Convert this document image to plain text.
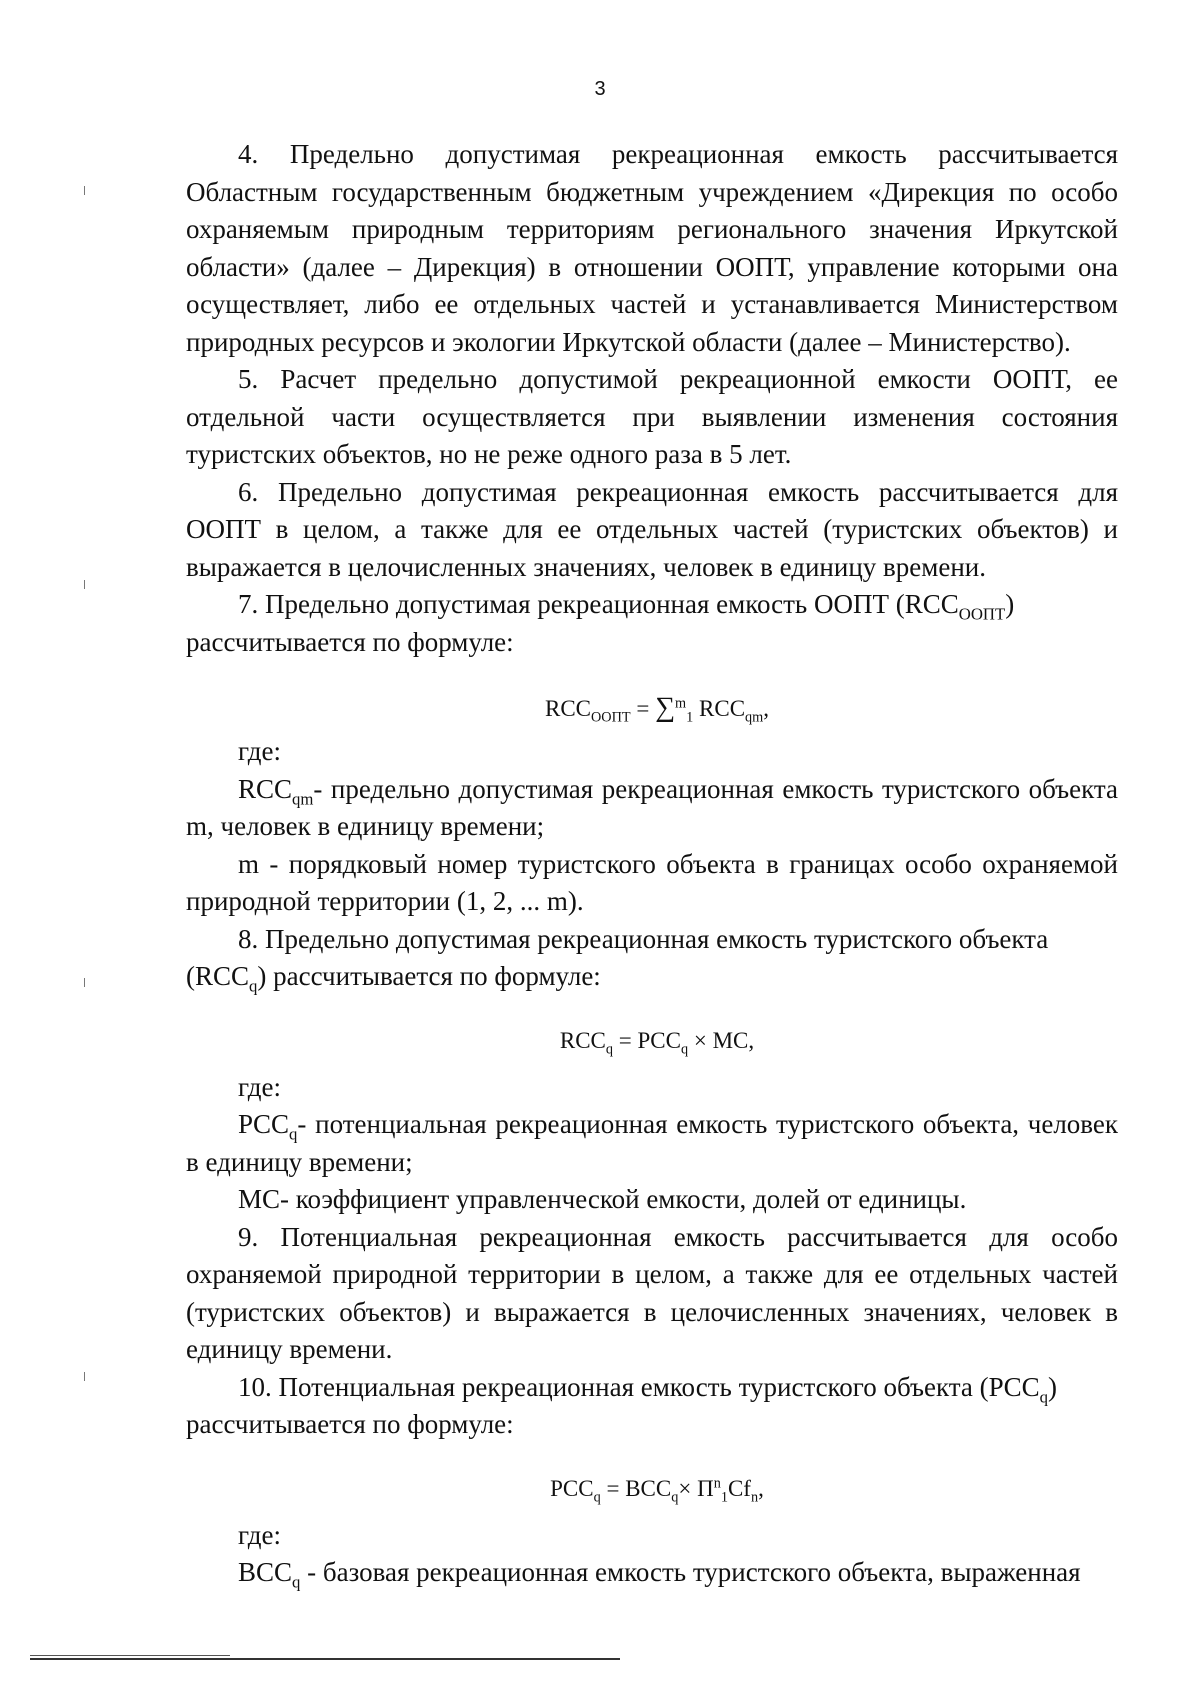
3

4. Предельно допустимая рекреационная емкость рассчитывается Областным государственным бюджетным учреждением «Дирекция по особо охраняемым природным территориям регионального значения Иркутской области» (далее – Дирекция) в отношении ООПТ, управление которыми она осуществляет, либо ее отдельных частей и устанавливается Министерством природных ресурсов и экологии Иркутской области (далее – Министерство).

5. Расчет предельно допустимой рекреационной емкости ООПТ, ее отдельной части осуществляется при выявлении изменения состояния туристских объектов, но не реже одного раза в 5 лет.

6. Предельно допустимая рекреационная емкость рассчитывается для ООПТ в целом, а также для ее отдельных частей (туристских объектов) и выражается в целочисленных значениях, человек в единицу времени.

7. Предельно допустимая рекреационная емкость ООПТ $(RCC_{ООПТ})$

рассчитывается по формуле:

$RCC_{ООПТ} = \sum^m_1$ $RCC_{qm}$,

где:

$RCC_{qm}-$ предельно допустимая рекреационная емкость туристского объекта m, человек в единицу времени;

m - порядковый номер туристского объекта в границах особо охраняемой природной территории (1, 2, ... m).

8. Предельно допустимая рекреационная емкость туристского объекта

$(RCC_q)$ рассчитывается по формуле:

$RCC_q = PCC_q$ × MC,

где:

$PCC_q-$ потенциальная рекреационная емкость туристского объекта, человек в единицу времени;

MC- коэффициент управленческой емкости, долей от единицы.

9. Потенциальная рекреационная емкость рассчитывается для особо охраняемой природной территории в целом, а также для ее отдельных частей (туристских объектов) и выражается в целочисленных значениях, человек в единицу времени.

10. Потенциальная рекреационная емкость туристского объекта $(PCC_q)$

рассчитывается по формуле:

$PCC_q = BCC_q\times \Pi^n_1Cf_n$,

где:

$BCC_q$ - базовая рекреационная емкость туристского объекта, выраженная
